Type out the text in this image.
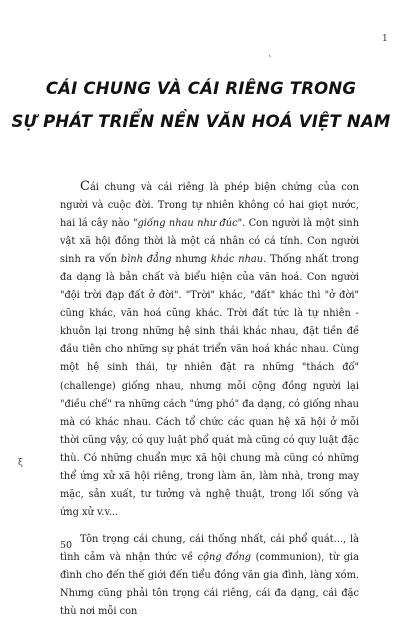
`
1
CÁI CHUNG VÀ CÁI RIÊNG TRONG
SỰ PHÁT TRIỂN NỀN VĂN HOÁ VIỆT NAM

Cái chung và cái riêng là phép biện chứng của con người và cuộc đời. Trong tự nhiên không có hai giọt nước, hai lá cây nào "giống nhau như đúc". Con người là một sinh vật xã hội đồng thời là một cá nhân có cá tính. Con người sinh ra vốn bình đẳng nhưng khác nhau. Thống nhất trong đa dạng là bản chất và biểu hiện của văn hoá. Con người "đội trời đạp đất ở đời". "Trời" khác, "đất" khác thì "ở đời" cũng khác, văn hoá cũng khác. Trời đất tức là tự nhiên - khuôn lại trong những hệ sinh thái khác nhau, đặt tiền đề đầu tiên cho những sự phát triển văn hoá khác nhau. Cùng một hệ sinh thái, tự nhiên đặt ra những "thách đố" (challenge) giống nhau, nhưng mỗi cộng đồng người lại "điều chế" ra những cách "ứng phó" đa dạng, có giống nhau mà có khác nhau. Cách tổ chức các quan hệ xã hội ở mỗi thời cũng vậy, có quy luật phổ quát mà cũng có quy luật đặc thù. Có những chuẩn mực xã hội chung mà cũng có những thể ứng xử xã hội riêng, trong làm ăn, làm nhà, trong may mặc, sản xuất, tư tưởng và nghệ thuật, trong lối sống và ứng xử v.v...

Tôn trọng cái chung, cái thống nhất, cái phổ quát..., là tình cảm và nhận thức về cộng đồng (communion), từ gia đình cho đến thế giới đến tiểu đồng văn gia đình, làng xóm. Nhưng cũng phải tôn trọng cái riêng, cái đa dạng, cái đặc thù nơi mỗi con

ξ
50
